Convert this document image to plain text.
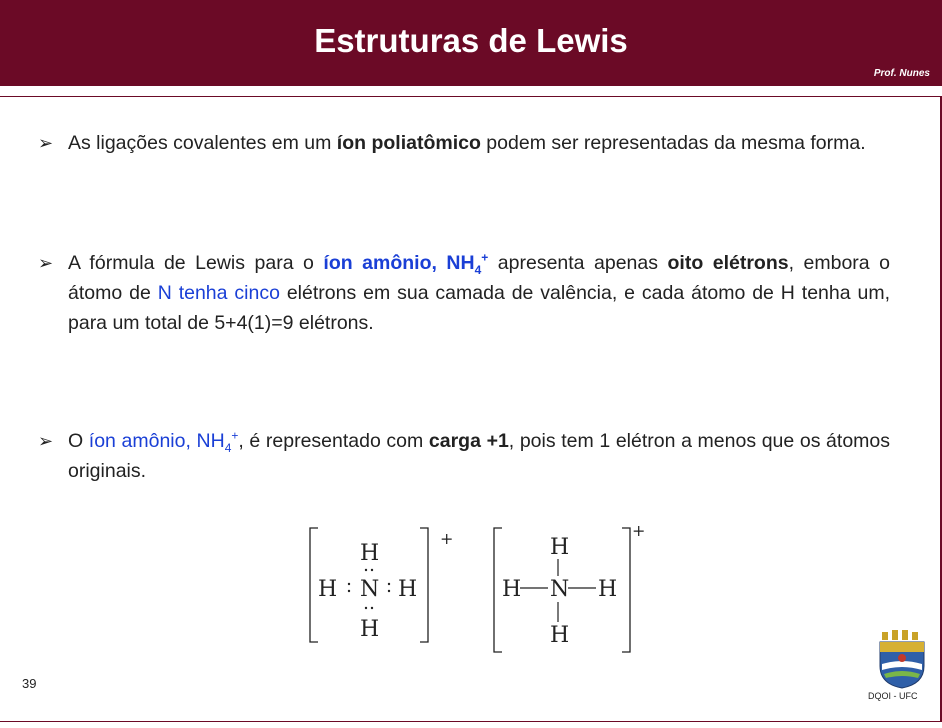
Estruturas de Lewis
Prof. Nunes
➢ As ligações covalentes em um íon poliatômico podem ser representadas da mesma forma.
➢ A fórmula de Lewis para o íon amônio, $NH_4^+$ apresenta apenas oito elétrons, embora o átomo de N tenha cinco elétrons em sua camada de valência, e cada átomo de H tenha um, para um total de 5+4(1)=9 elétrons.
➢ O íon amônio, $NH_4^+$, é representado com carga +1, pois tem 1 elétron a menos que os átomos originais.
+
H
H N H
H
+
H
H N H
H
39
DQOI - UFC
